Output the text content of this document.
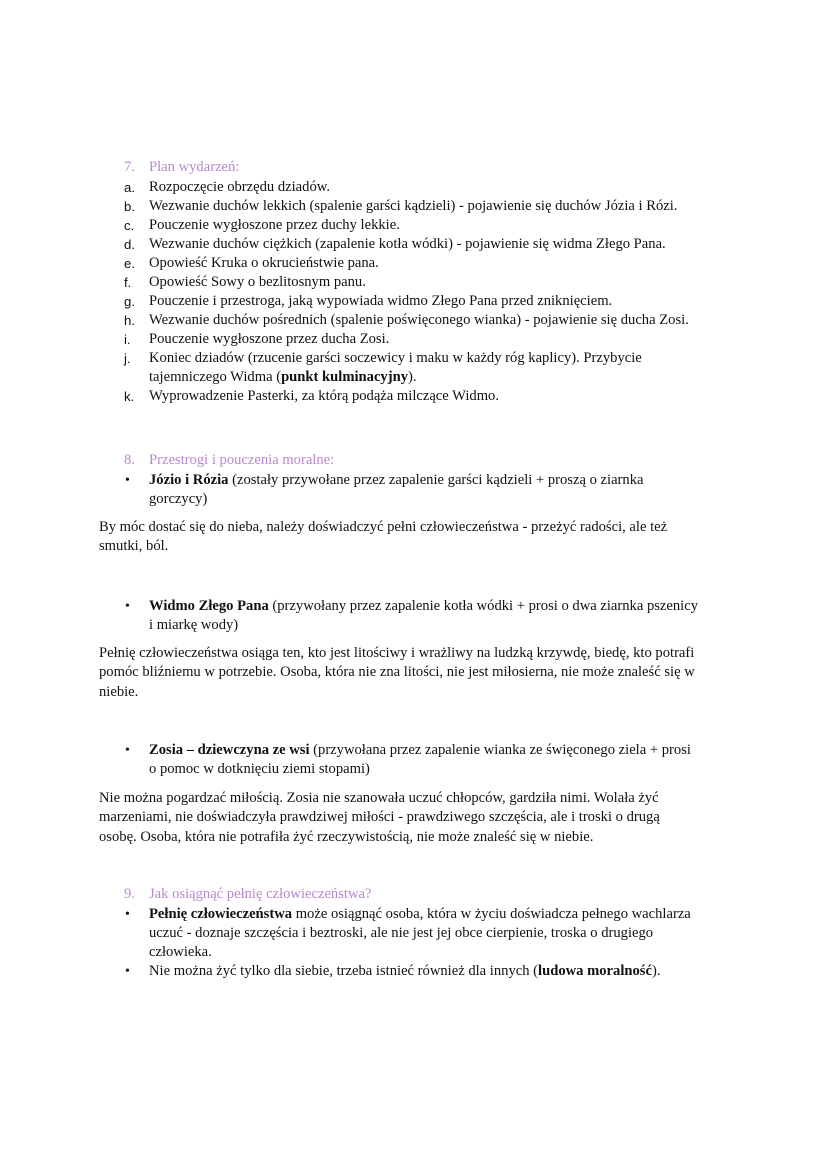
7. Plan wydarzeń:
a. Rozpoczęcie obrzędu dziadów.
b. Wezwanie duchów lekkich (spalenie garści kądzieli) - pojawienie się duchów Józia i Rózi.
c. Pouczenie wygłoszone przez duchy lekkie.
d. Wezwanie duchów ciężkich (zapalenie kotła wódki) - pojawienie się widma Złego Pana.
e. Opowieść Kruka o okrucieństwie pana.
f. Opowieść Sowy o bezlitosnym panu.
g. Pouczenie i przestroga, jaką wypowiada widmo Złego Pana przed zniknięciem.
h. Wezwanie duchów pośrednich (spalenie poświęconego wianka) - pojawienie się ducha Zosi.
i. Pouczenie wygłoszone przez ducha Zosi.
j. Koniec dziadów (rzucenie garści soczewicy i maku w każdy róg kaplicy). Przybycie
tajemniczego Widma (punkt kulminacyjny).
k. Wyprowadzenie Pasterki, za którą podąża milczące Widmo.
8. Przestrogi i pouczenia moralne:
• Józio i Rózia (zostały przywołane przez zapalenie garści kądzieli + proszą o ziarnka
gorczycy)

By móc dostać się do nieba, należy doświadczyć pełni człowieczeństwa - przeżyć radości, ale też
smutki, ból.

• Widmo Złego Pana (przywołany przez zapalenie kotła wódki + prosi o dwa ziarnka pszenicy
i miarkę wody)

Pełnię człowieczeństwa osiąga ten, kto jest litościwy i wrażliwy na ludzką krzywdę, biedę, kto potrafi
pomóc bliźniemu w potrzebie. Osoba, która nie zna litości, nie jest miłosierna, nie może znaleść się w
niebie.

• Zosia – dziewczyna ze wsi (przywołana przez zapalenie wianka ze święconego ziela + prosi
o pomoc w dotknięciu ziemi stopami)

Nie można pogardzać miłością. Zosia nie szanowała uczuć chłopców, gardziła nimi. Wolała żyć
marzeniami, nie doświadczyła prawdziwej miłości - prawdziwego szczęścia, ale i troski o drugą
osobę. Osoba, która nie potrafiła żyć rzeczywistością, nie może znaleść się w niebie.

9. Jak osiągnąć pełnię człowieczeństwa?
• Pełnię człowieczeństwa może osiągnąć osoba, która w życiu doświadcza pełnego wachlarza
uczuć - doznaje szczęścia i beztroski, ale nie jest jej obce cierpienie, troska o drugiego
człowieka.
• Nie można żyć tylko dla siebie, trzeba istnieć również dla innych (ludowa moralność).
